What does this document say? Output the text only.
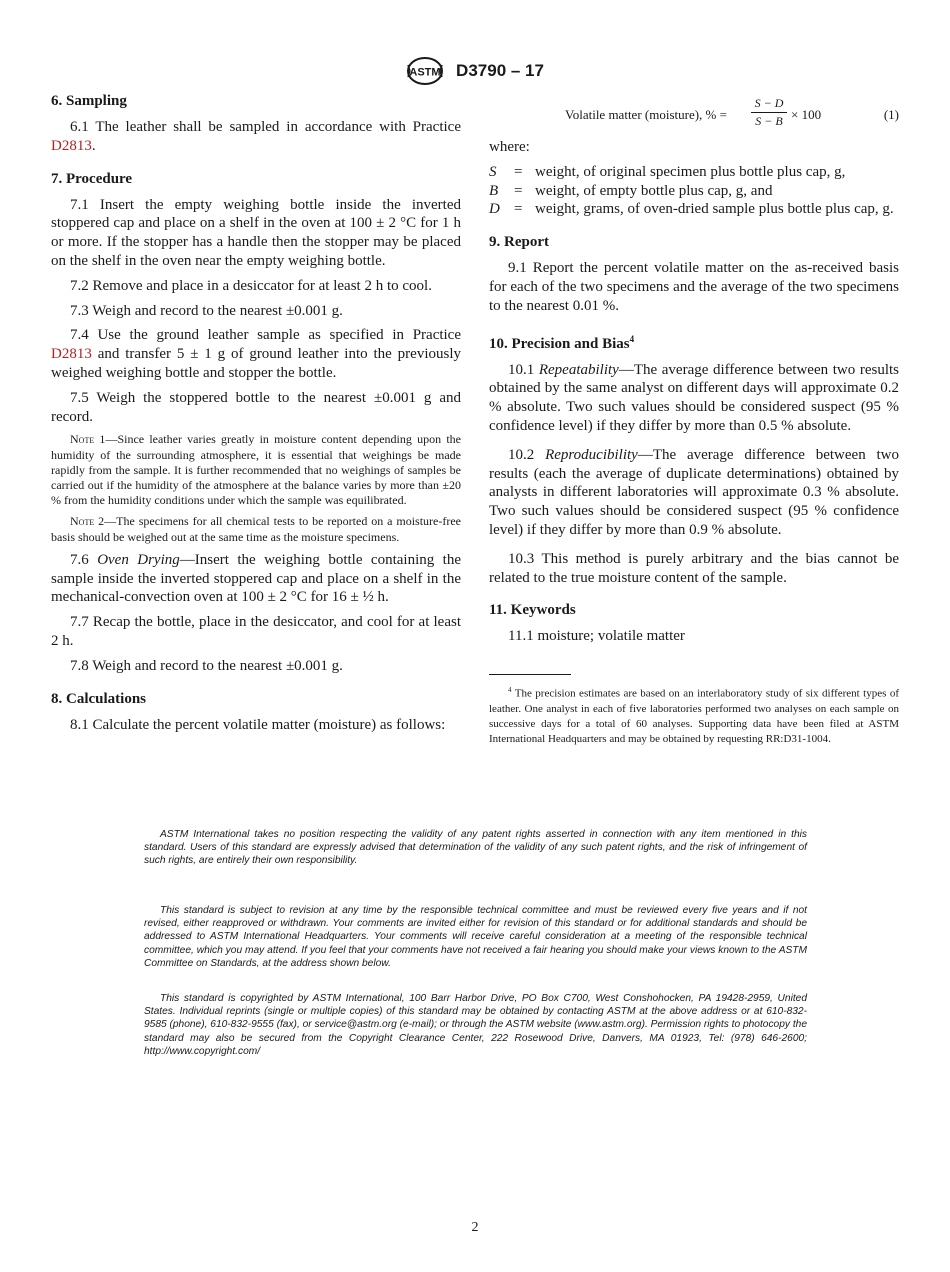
ASTM D3790 – 17
6. Sampling

6.1 The leather shall be sampled in accordance with Practice D2813.

7. Procedure

7.1 Insert the empty weighing bottle inside the inverted stoppered cap and place on a shelf in the oven at 100 ± 2 °C for 1 h or more. If the stopper has a handle then the stopper may be placed on the shelf in the oven near the empty weighing bottle.

7.2 Remove and place in a desiccator for at least 2 h to cool.

7.3 Weigh and record to the nearest ±0.001 g.

7.4 Use the ground leather sample as specified in Practice D2813 and transfer 5 ± 1 g of ground leather into the previously weighed weighing bottle and stopper the bottle.

7.5 Weigh the stoppered bottle to the nearest ±0.001 g and record.

Note 1—Since leather varies greatly in moisture content depending upon the humidity of the surrounding atmosphere, it is essential that weighings be made rapidly from the sample. It is further recommended that no weighings of samples be carried out if the humidity of the atmosphere at the balance varies by more than ±20 % from the humidity conditions under which the sample was equilibrated.

Note 2—The specimens for all chemical tests to be reported on a moisture-free basis should be weighed out at the same time as the moisture specimens.

7.6 Oven Drying—Insert the weighing bottle containing the sample inside the inverted stoppered cap and place on a shelf in the mechanical-convection oven at 100 ± 2 °C for 16 ± ½ h.

7.7 Recap the bottle, place in the desiccator, and cool for at least 2 h.

7.8 Weigh and record to the nearest ±0.001 g.

8. Calculations

8.1 Calculate the percent volatile matter (moisture) as follows:

Volatile matter (moisture), % =
S − D
S − B × 100	(1)

where:

S	= weight, of original specimen plus bottle plus cap, g,
B	= weight, of empty bottle plus cap, g, and
D = weight, grams, of oven-dried sample plus bottle plus cap, g.
9. Report

9.1 Report the percent volatile matter on the as-received basis for each of the two specimens and the average of the two specimens to the nearest 0.01 %.

10. Precision and Bias$^4$

10.1 Repeatability—The average difference between two results obtained by the same analyst on different days will approximate 0.2 % absolute. Two such values should be considered suspect (95 % confidence level) if they differ by more than 0.5 % absolute.

10.2 Reproducibility—The average difference between two results (each the average of duplicate determinations) obtained by analysts in different laboratories will approximate 0.3 % absolute. Two such values should be considered suspect (95 % confidence level) if they differ by more than 0.9 % absolute.

10.3 This method is purely arbitrary and the bias cannot be related to the true moisture content of the sample.

11. Keywords

11.1 moisture; volatile matter

$^4$ The precision estimates are based on an interlaboratory study of six different types of leather. One analyst in each of five laboratories performed two analyses on each sample on successive days for a total of 60 analyses. Supporting data have been filed at ASTM International Headquarters and may be obtained by requesting RR:D31-1004.

ASTM International takes no position respecting the validity of any patent rights asserted in connection with any item mentioned in this standard. Users of this standard are expressly advised that determination of the validity of any such patent rights, and the risk of infringement of such rights, are entirely their own responsibility.

This standard is subject to revision at any time by the responsible technical committee and must be reviewed every five years and if not revised, either reapproved or withdrawn. Your comments are invited either for revision of this standard or for additional standards and should be addressed to ASTM International Headquarters. Your comments will receive careful consideration at a meeting of the responsible technical committee, which you may attend. If you feel that your comments have not received a fair hearing you should make your views known to the ASTM Committee on Standards, at the address shown below.

This standard is copyrighted by ASTM International, 100 Barr Harbor Drive, PO Box C700, West Conshohocken, PA 19428-2959, United States. Individual reprints (single or multiple copies) of this standard may be obtained by contacting ASTM at the above address or at 610-832-9585 (phone), 610-832-9555 (fax), or service@astm.org (e-mail); or through the ASTM website (www.astm.org). Permission rights to photocopy the standard may also be secured from the Copyright Clearance Center, 222 Rosewood Drive, Danvers, MA 01923, Tel: (978) 646-2600; http://www.copyright.com/

2
